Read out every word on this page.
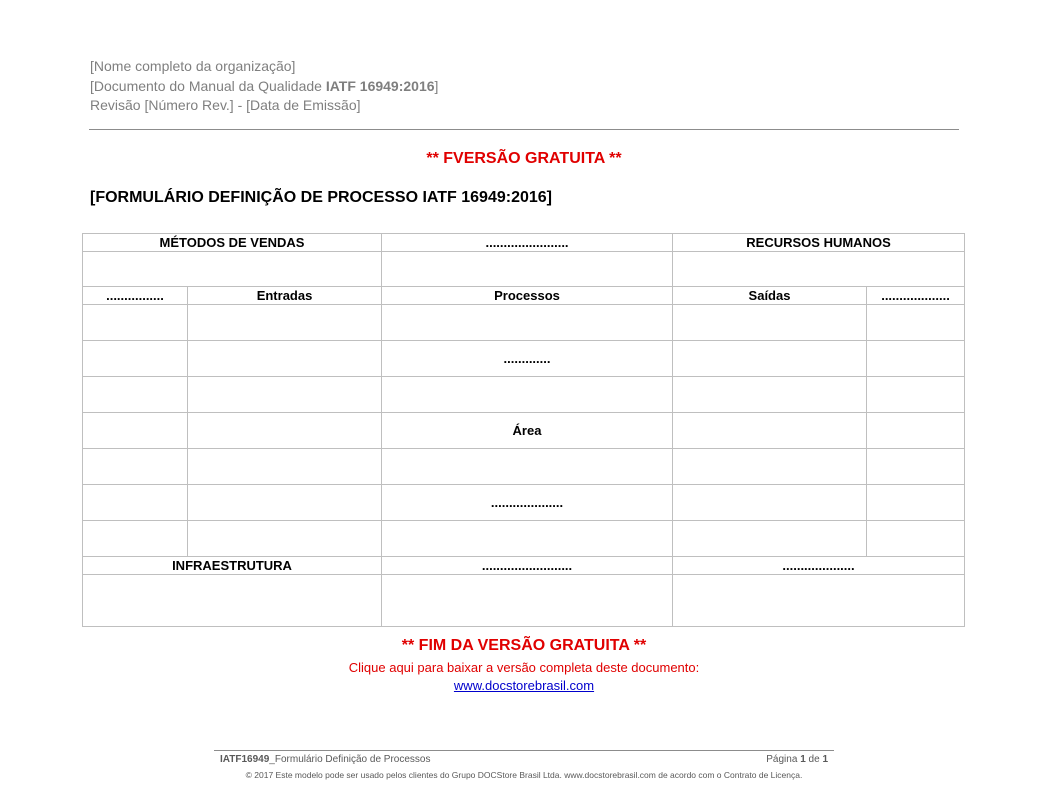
[Nome completo da organização]
[Documento do Manual da Qualidade IATF 16949:2016]
Revisão [Número Rev.] - [Data de Emissão]
** FVERSÃO GRATUITA **
[FORMULÁRIO DEFINIÇÃO DE PROCESSO IATF 16949:2016]
MÉTODOS DE VENDAS		.......................	RECURSOS HUMANOS	

................	Entradas	Processos	Saídas	...................

		.............		

		Área		

		....................		

INFRAESTRUTURA		.........................	....................	

** FIM DA VERSÃO GRATUITA **
Clique aqui para baixar a versão completa deste documento:
www.docstorebrasil.com
IATF16949_Formulário Definição de Processos	Página 1 de 1
© 2017 Este modelo pode ser usado pelos clientes do Grupo DOCStore Brasil Ltda. www.docstorebrasil.com de acordo com o Contrato de Licença.
